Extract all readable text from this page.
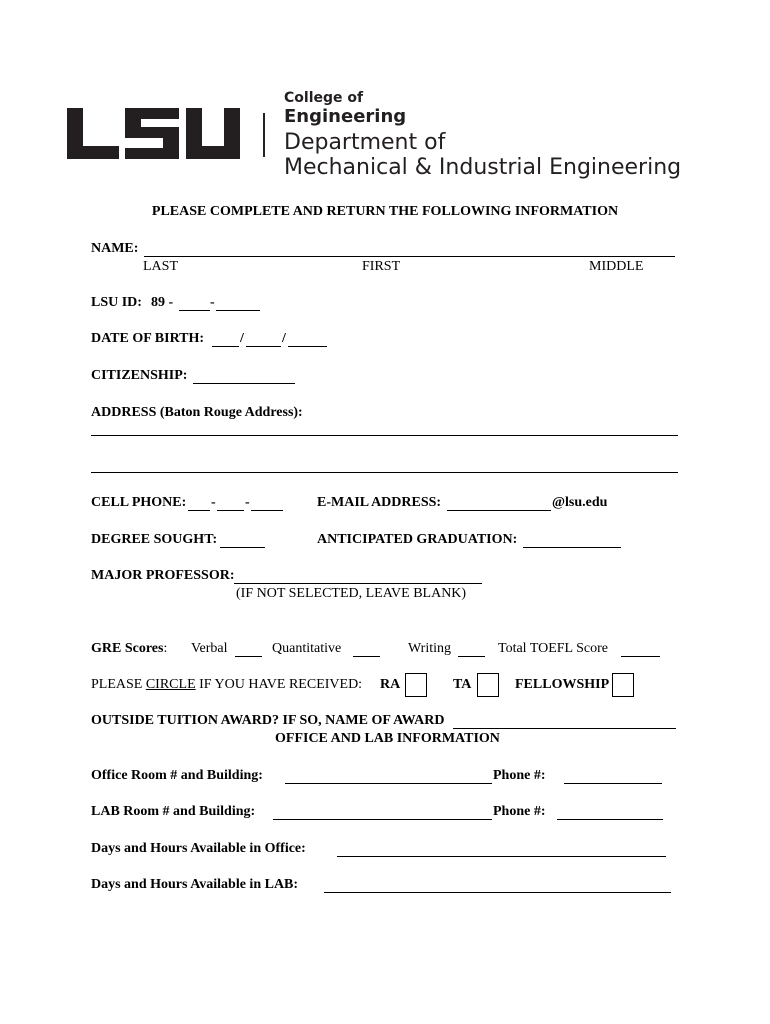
College of
Engineering
Department of
Mechanical & Industrial Engineering
PLEASE COMPLETE AND RETURN THE FOLLOWING INFORMATION
NAME:
LAST	FIRST	MIDDLE
LSU ID: 89 -	-
DATE OF BIRTH:	/	/
CITIZENSHIP:
ADDRESS (Baton Rouge Address):
CELL PHONE: - -	E-MAIL ADDRESS:	@lsu.edu
DEGREE SOUGHT:	ANTICIPATED GRADUATION:
MAJOR PROFESSOR:
(IF NOT SELECTED, LEAVE BLANK)
GRE Scores: Verbal	Quantitative	Writing	Total TOEFL Score
PLEASE CIRCLE IF YOU HAVE RECEIVED: RA	TA	FELLOWSHIP
OUTSIDE TUITION AWARD? IF SO, NAME OF AWARD
OFFICE AND LAB INFORMATION
Office Room # and Building:	Phone #:
LAB Room # and Building:	Phone #:
Days and Hours Available in Office:
Days and Hours Available in LAB:
